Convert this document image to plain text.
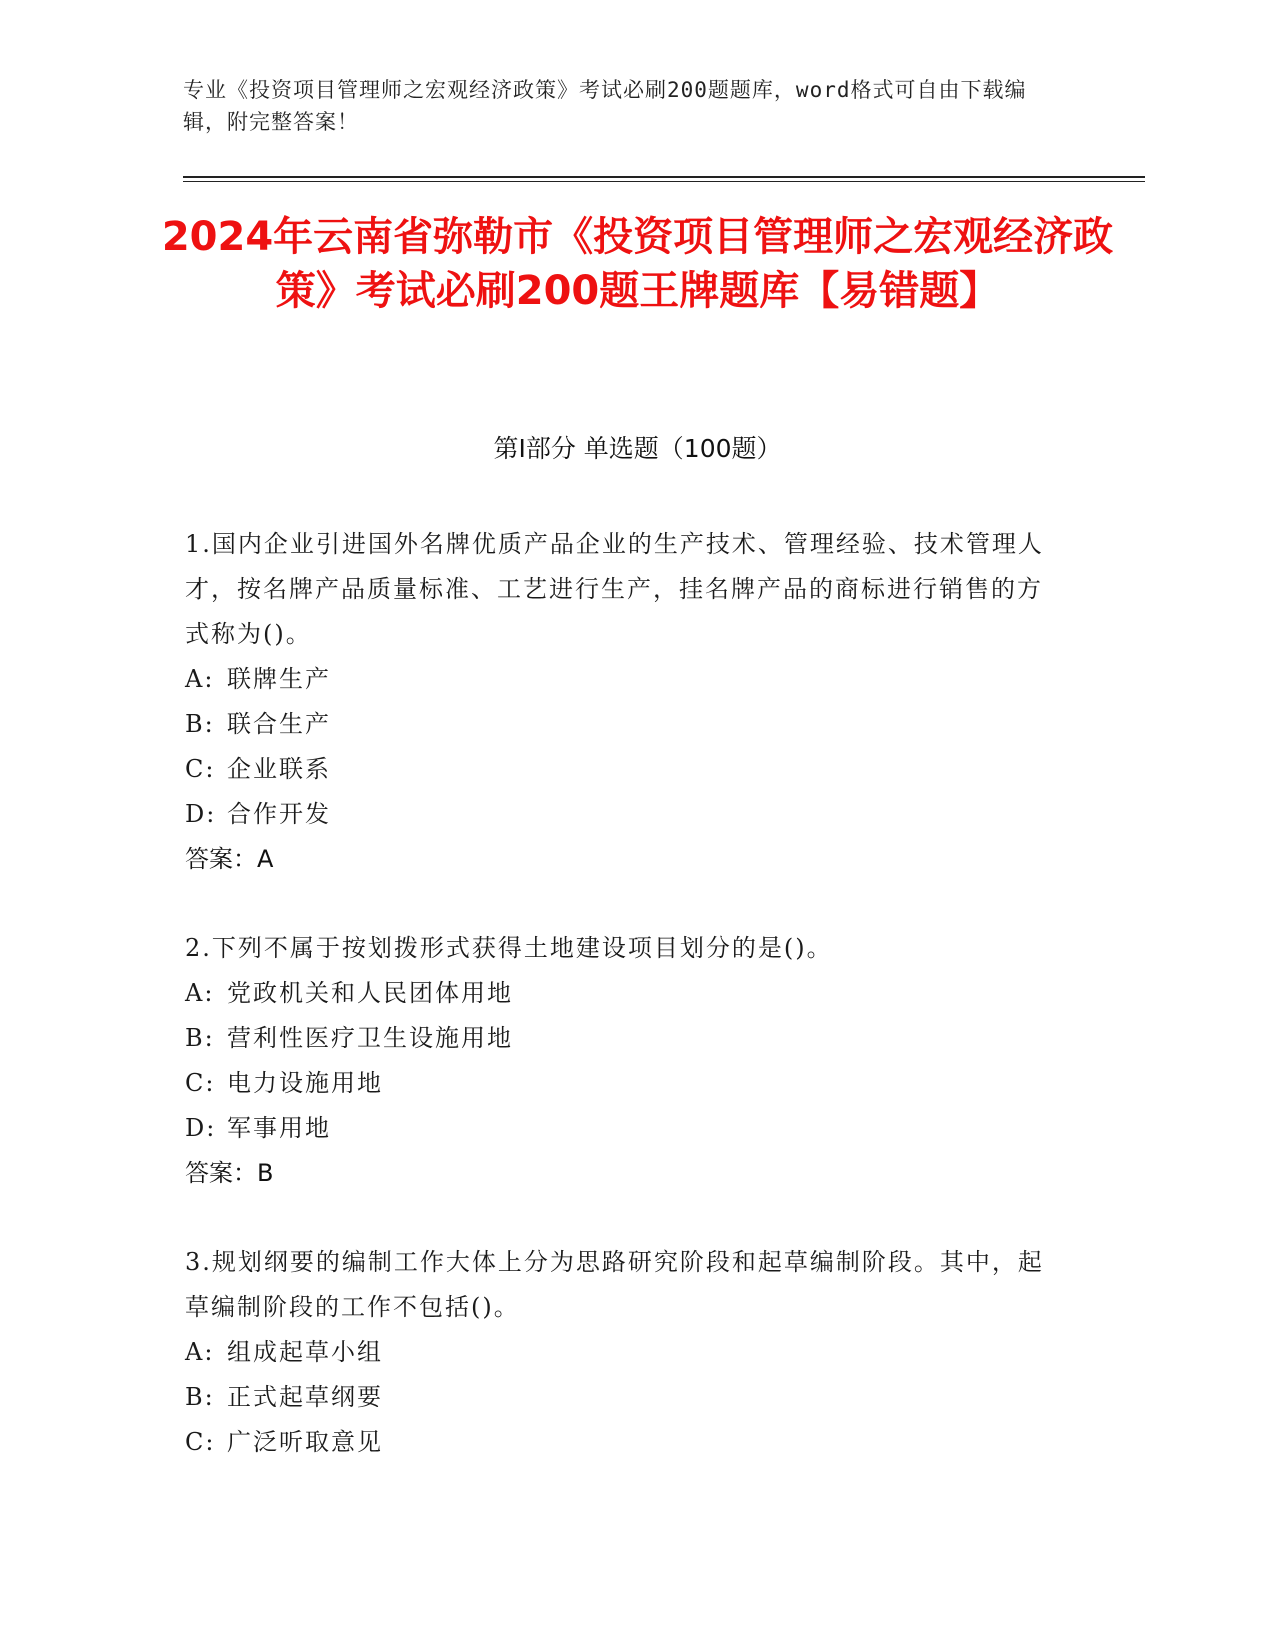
专业《投资项目管理师之宏观经济政策》考试必刷200题题库，word格式可自由下载编辑，附完整答案！
2024年云南省弥勒市《投资项目管理师之宏观经济政策》考试必刷200题王牌题库【易错题】
第I部分 单选题（100题）
1.国内企业引进国外名牌优质产品企业的生产技术、管理经验、技术管理人才，按名牌产品质量标准、工艺进行生产，挂名牌产品的商标进行销售的方式称为()。
A: 联牌生产
B: 联合生产
C: 企业联系
D: 合作开发
答案：A
2.下列不属于按划拨形式获得土地建设项目划分的是()。
A: 党政机关和人民团体用地
B: 营利性医疗卫生设施用地
C: 电力设施用地
D: 军事用地
答案：B
3.规划纲要的编制工作大体上分为思路研究阶段和起草编制阶段。其中，起草编制阶段的工作不包括()。
A: 组成起草小组
B: 正式起草纲要
C: 广泛听取意见
